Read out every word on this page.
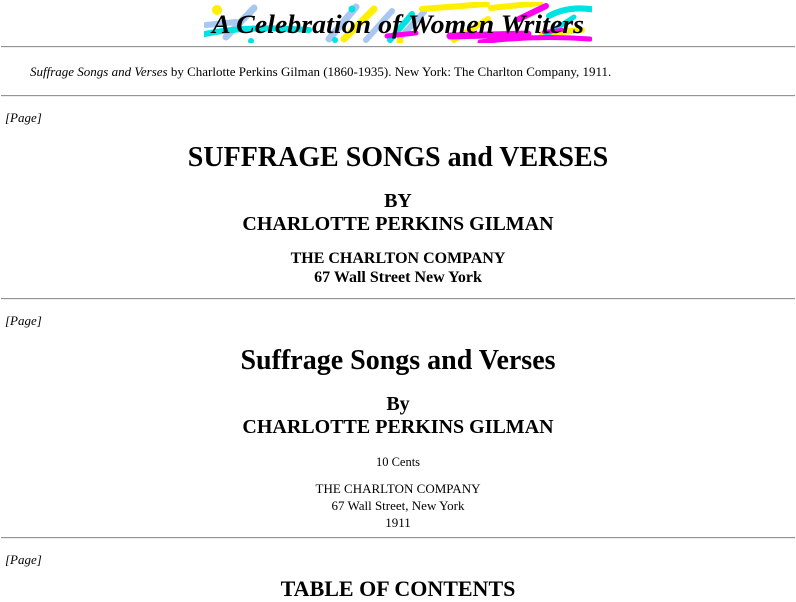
A Celebration of Women Writers

Suffrage Songs and Verses by Charlotte Perkins Gilman (1860-1935). New York: The Charlton Company, 1911.

[Page]
SUFFRAGE SONGS and VERSES
BY
CHARLOTTE PERKINS GILMAN
THE CHARLTON COMPANY
67 Wall Street New York
[Page]
Suffrage Songs and Verses
By
CHARLOTTE PERKINS GILMAN

10 Cents

THE CHARLTON COMPANY
67 Wall Street, New York
1911

[Page]
TABLE OF CONTENTS
